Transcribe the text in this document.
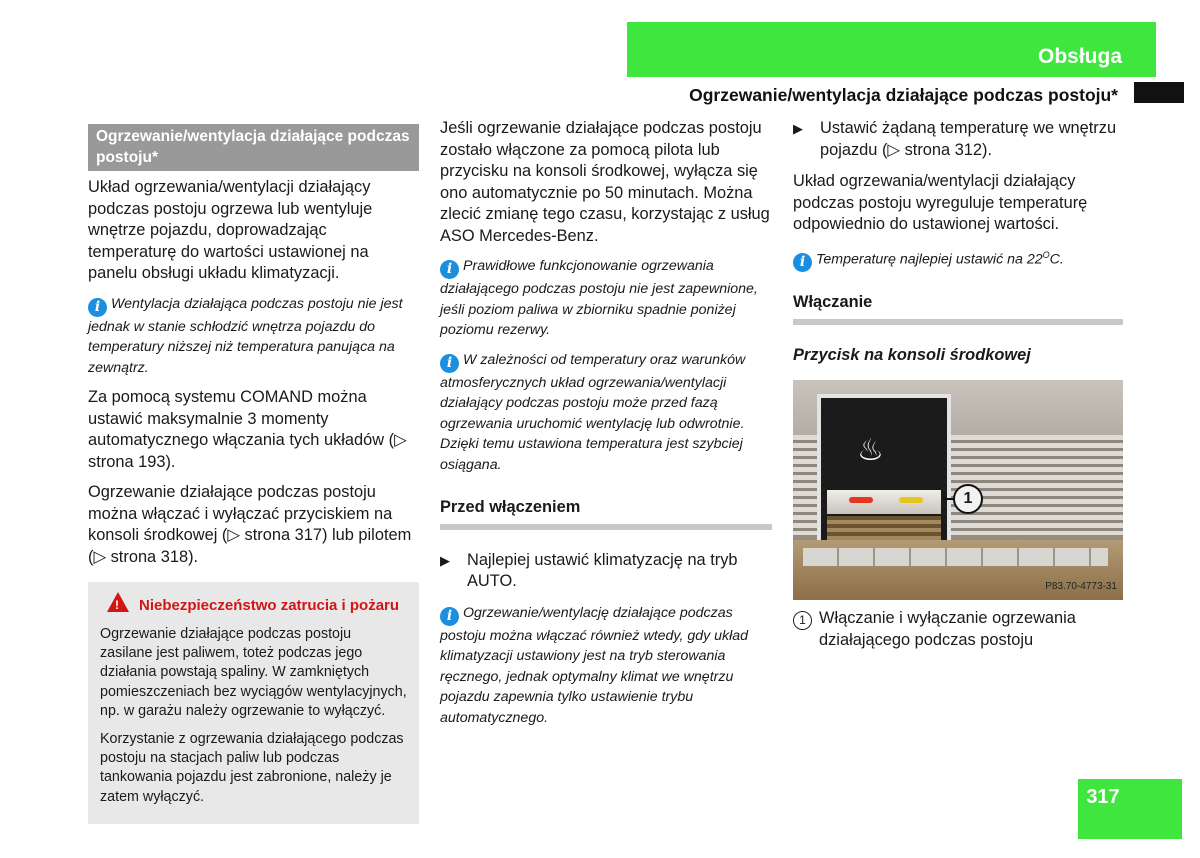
Obsługa
Ogrzewanie/wentylacja działające podczas postoju*
Ogrzewanie/wentylacja działające podczas postoju*

Układ ogrzewania/wentylacji działający podczas postoju ogrzewa lub wentyluje wnętrze pojazdu, doprowadzając temperaturę do wartości ustawionej na panelu obsługi układu klimatyzacji.

i Wentylacja działająca podczas postoju nie jest jednak w stanie schłodzić wnętrza pojazdu do temperatury niższej niż temperatura panująca na zewnątrz.

Za pomocą systemu COMAND można ustawić maksymalnie 3 momenty automatycznego włączania tych układów (▷ strona 193).

Ogrzewanie działające podczas postoju można włączać i wyłączać przyciskiem na konsoli środkowej (▷ strona 317) lub pilotem (▷ strona 318).

!Niebezpieczeństwo zatrucia i pożaru

Ogrzewanie działające podczas postoju zasilane jest paliwem, toteż podczas jego działania powstają spaliny. W zamkniętych pomieszczeniach bez wyciągów wentylacyjnych, np. w garażu należy ogrzewanie to wyłączyć.

Korzystanie z ogrzewania działającego podczas postoju na stacjach paliw lub podczas tankowania pojazdu jest zabronione, należy je zatem wyłączyć.

Jeśli ogrzewanie działające podczas postoju zostało włączone za pomocą pilota lub przycisku na konsoli środkowej, wyłącza się ono automatycznie po 50 minutach. Można zlecić zmianę tego czasu, korzystając z usług ASO Mercedes-Benz.

i Prawidłowe funkcjonowanie ogrzewania działającego podczas postoju nie jest zapewnione, jeśli poziom paliwa w zbiorniku spadnie poniżej poziomu rezerwy.

i W zależności od temperatury oraz warunków atmosferycznych układ ogrzewania/wentylacji działający podczas postoju może przed fazą ogrzewania uruchomić wentylację lub odwrotnie. Dzięki temu ustawiona temperatura jest szybciej osiągana.

Przed włączeniem
▶	Najlepiej ustawić klimatyzację na tryb AUTO.

i Ogrzewanie/wentylację działające podczas postoju można włączać również wtedy, gdy układ klimatyzacji ustawiony jest na tryb sterowania ręcznego, jednak optymalny klimat we wnętrzu pojazdu zapewnia tylko ustawienie trybu automatycznego.

▶	Ustawić żądaną temperaturę we wnętrzu pojazdu (▷ strona 312).

Układ ogrzewania/wentylacji działający podczas postoju wyreguluje temperaturę odpowiednio do ustawionej wartości.

i Temperaturę najlepiej ustawić na $22^OC$.

Włączanie
Przycisk na konsoli środkowej
♨
1
P83.70-4773-31
1 Włączanie i wyłączanie ogrzewania działającego podczas postoju
317
